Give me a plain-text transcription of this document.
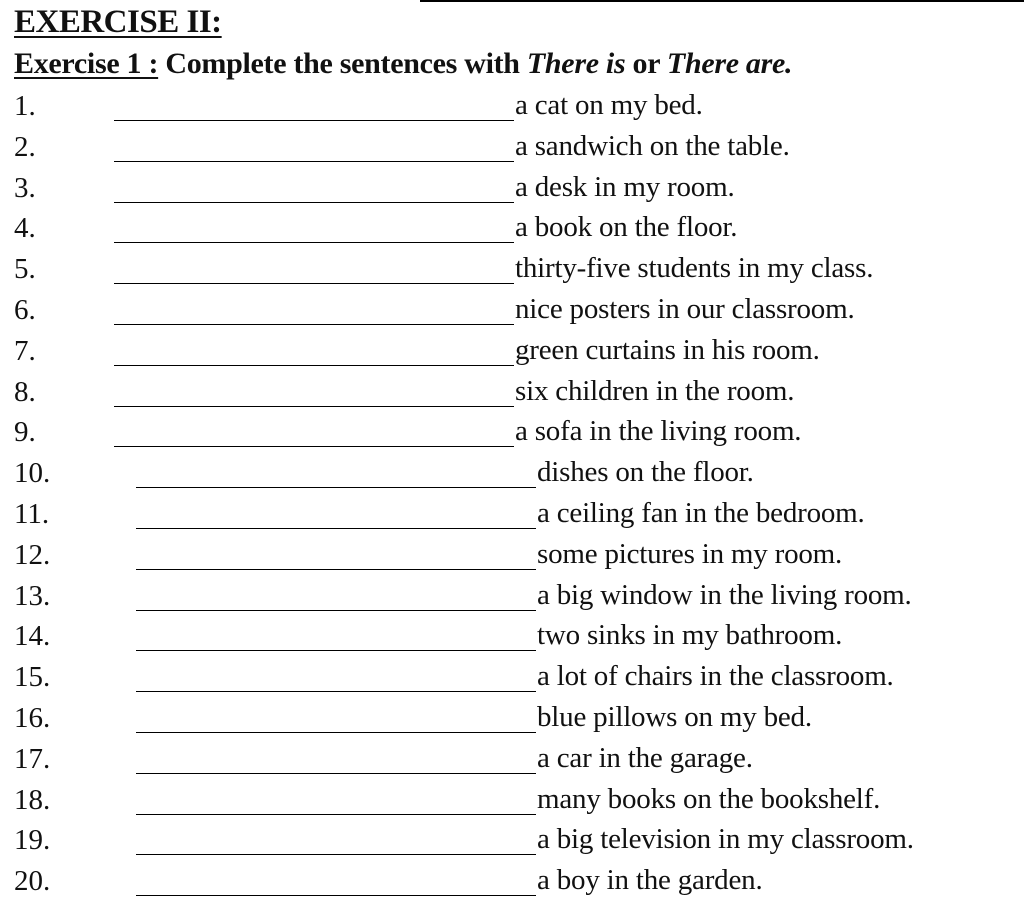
EXERCISE II:
Exercise 1 : Complete the sentences with There is or There are.
1.	a cat on my bed.
2.	a sandwich on the table.
3.	a desk in my room.
4.	a book on the floor.
5.	thirty-five students in my class.
6.	nice posters in our classroom.
7.	green curtains in his room.
8.	six children in the room.
9.	a sofa in the living room.
10.	dishes on the floor.
11.	a ceiling fan in the bedroom.
12.	some pictures in my room.
13.	a big window in the living room.
14.	two sinks in my bathroom.
15.	a lot of chairs in the classroom.
16.	blue pillows on my bed.
17.	a car in the garage.
18.	many books on the bookshelf.
19.	a big television in my classroom.
20.	a boy in the garden.
